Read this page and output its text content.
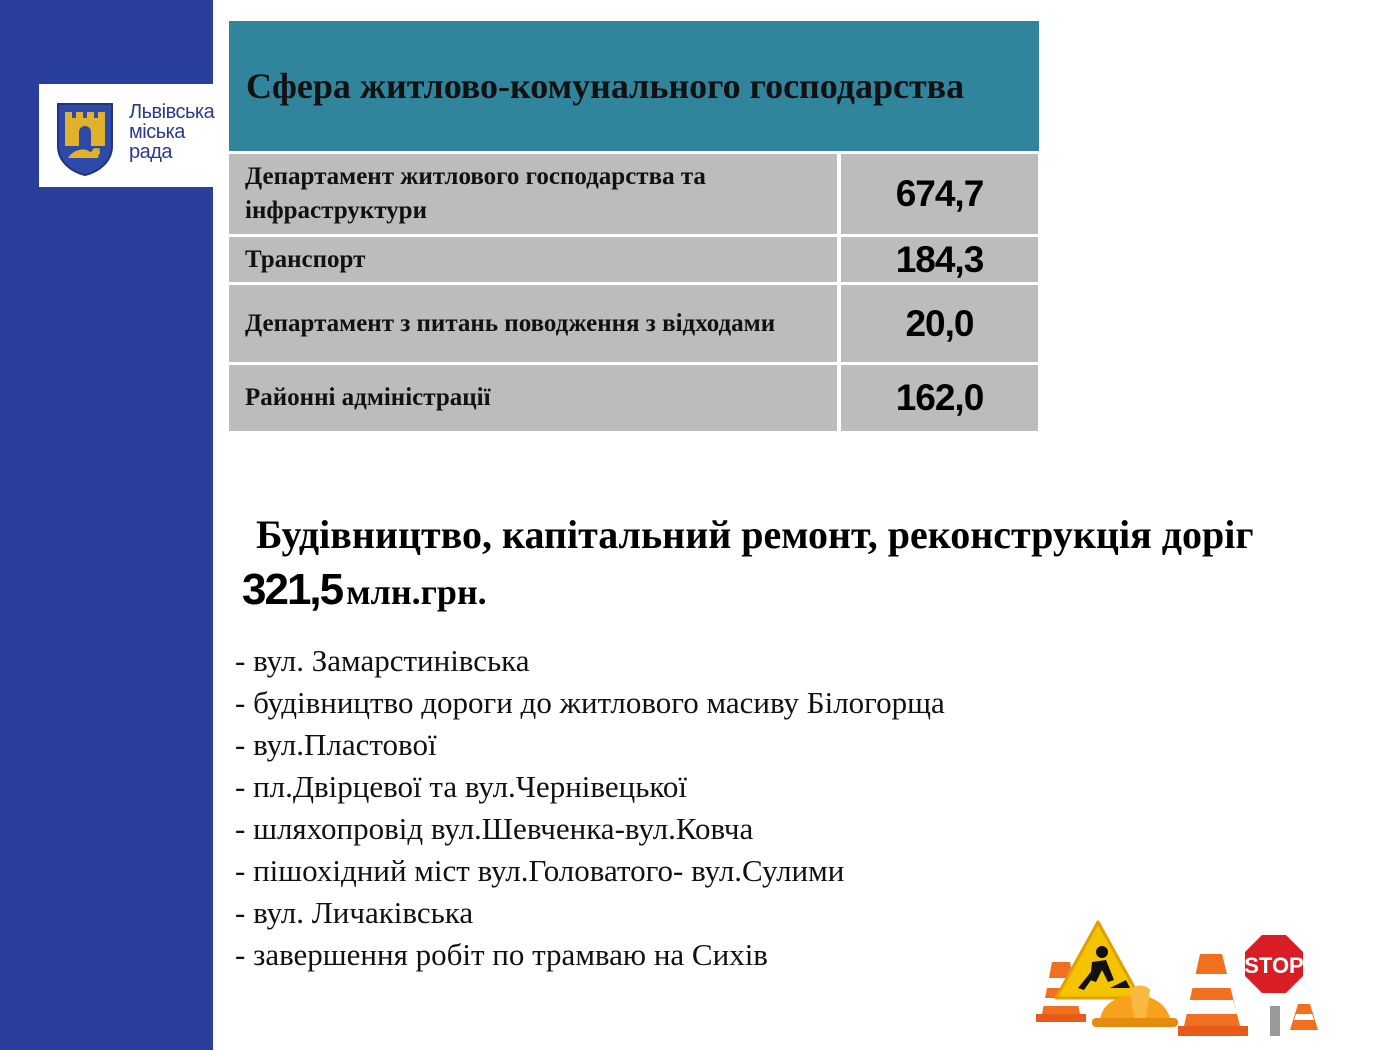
Львівська
міська
рада
Сфера житлово-комунального господарства
Департамент житлового господарства та інфраструктури	674,7
Транспорт	184,3
Департамент з питань поводження з відходами	20,0
Районні адміністрації	162,0
Будівництво, капітальний ремонт, реконструкція доріг
321,5 млн.грн.
- вул. Замарстинівська
- будівництво дороги до житлового масиву Білогорща
- вул.Пластової
- пл.Двірцевої та вул.Чернівецької
- шляхопровід вул.Шевченка-вул.Ковча
- пішохідний міст вул.Головатого- вул.Сулими
- вул. Личаківська
- завершення робіт по трамваю на Сихів	STOP
